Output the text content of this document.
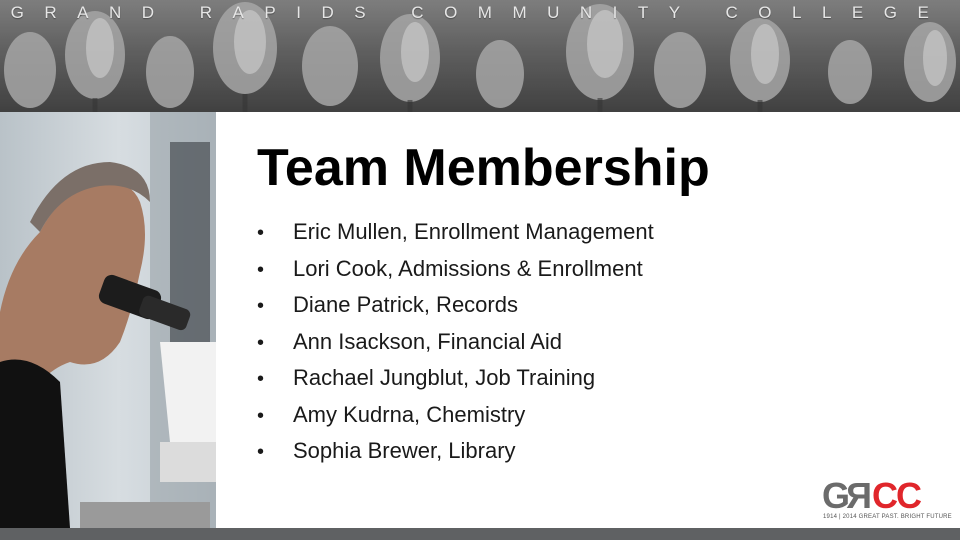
GRAND RAPIDS COMMUNITY COLLEGE
Team Membership
• Eric Mullen, Enrollment Management
• Lori Cook, Admissions & Enrollment
• Diane Patrick, Records
• Ann Isackson, Financial Aid
• Rachael Jungblut, Job Training
• Amy Kudrna, Chemistry
• Sophia Brewer, Library
GRCC
1914 | 2014 GREAT PAST. BRIGHT FUTURE
